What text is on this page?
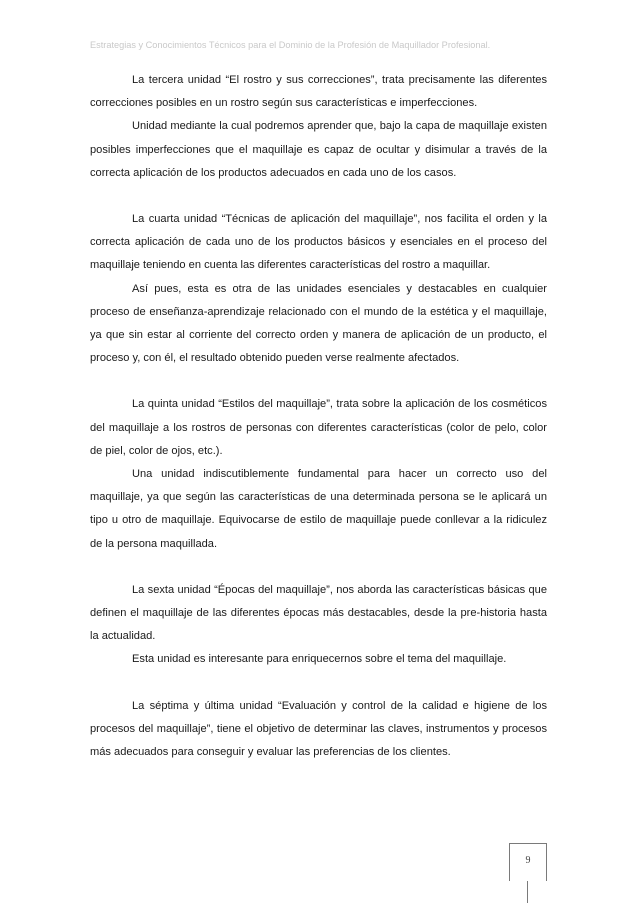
Estrategias y Conocimientos Técnicos para el Dominio de la Profesión de Maquillador Profesional.

La tercera unidad “El rostro y sus correcciones”, trata precisamente las diferentes correcciones posibles en un rostro según sus características e imperfecciones.

Unidad mediante la cual podremos aprender que, bajo la capa de maquillaje existen posibles imperfecciones que el maquillaje es capaz de ocultar y disimular a través de la correcta aplicación de los productos adecuados en cada uno de los casos.

La cuarta unidad “Técnicas de aplicación del maquillaje”, nos facilita el orden y la correcta aplicación de cada uno de los productos básicos y esenciales en el proceso del maquillaje teniendo en cuenta las diferentes características del rostro a maquillar.

Así pues, esta es otra de las unidades esenciales y destacables en cualquier proceso de enseñanza-aprendizaje relacionado con el mundo de la estética y el maquillaje, ya que sin estar al corriente del correcto orden y manera de aplicación de un producto, el proceso y, con él, el resultado obtenido pueden verse realmente afectados.

La quinta unidad “Estilos del maquillaje”, trata sobre la aplicación de los cosméticos del maquillaje a los rostros de personas con diferentes características (color de pelo, color de piel, color de ojos, etc.).

Una unidad indiscutiblemente fundamental para hacer un correcto uso del maquillaje, ya que según las características de una determinada persona se le aplicará un tipo u otro de maquillaje. Equivocarse de estilo de maquillaje puede conllevar a la ridiculez de la persona maquillada.

La sexta unidad “Épocas del maquillaje”, nos aborda las características básicas que definen el maquillaje de las diferentes épocas más destacables, desde la pre-historia hasta la actualidad.

Esta unidad es interesante para enriquecernos sobre el tema del maquillaje.

La séptima y última unidad “Evaluación y control de la calidad e higiene de los procesos del maquillaje”, tiene el objetivo de determinar las claves, instrumentos y procesos más adecuados para conseguir y evaluar las preferencias de los clientes.

9
